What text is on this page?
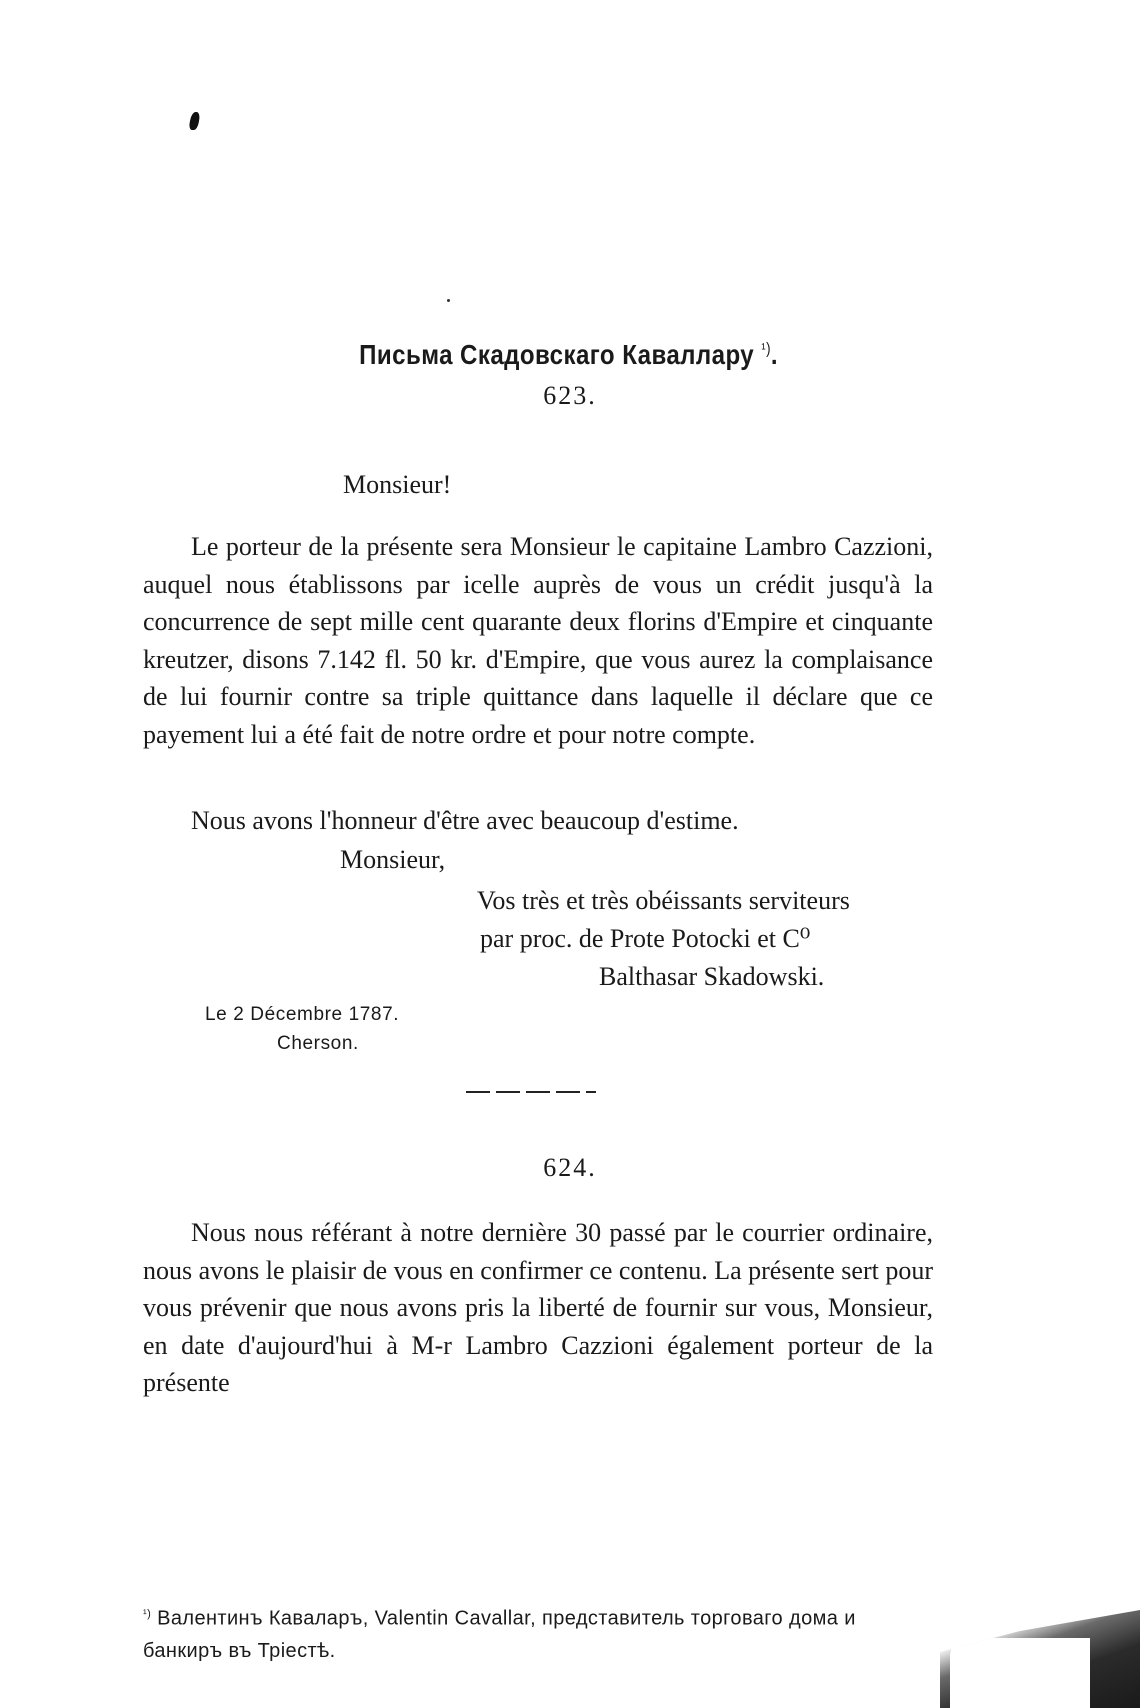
Письма Скадовскаго Каваллару $^{^1)}$.
623.
Monsieur!

Le porteur de la présente sera Monsieur le capitaine Lambro Cazzioni, auquel nous établissons par icelle auprès de vous un crédit jusqu'à la concurrence de sept mille cent quarante deux florins d'Empire et cinquante kreutzer, disons 7.142 fl. 50 kr. d'Empire, que vous aurez la complaisance de lui fournir contre sa triple quittance dans laquelle il déclare que ce payement lui a été fait de notre ordre et pour notre compte.

Nous avons l'honneur d'être avec beaucoup d'estime.
Monsieur,
Vos très et très obéissants serviteurs
par proc. de Prote Potocki et C⁰
Balthasar Skadowski.
Le 2 Décembre 1787.
Cherson.
624.

Nous nous référant à notre dernière 30 passé par le courrier ordinaire, nous avons le plaisir de vous en confirmer ce contenu. La présente sert pour vous prévenir que nous avons pris la liberté de fournir sur vous, Monsieur, en date d'aujourd'hui à M-r Lambro Cazzioni également porteur de la présente

$^{^1)}$ Валентинъ Каваларъ, Valentin Cavallar, представитель торговаго дома и банкиръ въ Тріестѣ.
